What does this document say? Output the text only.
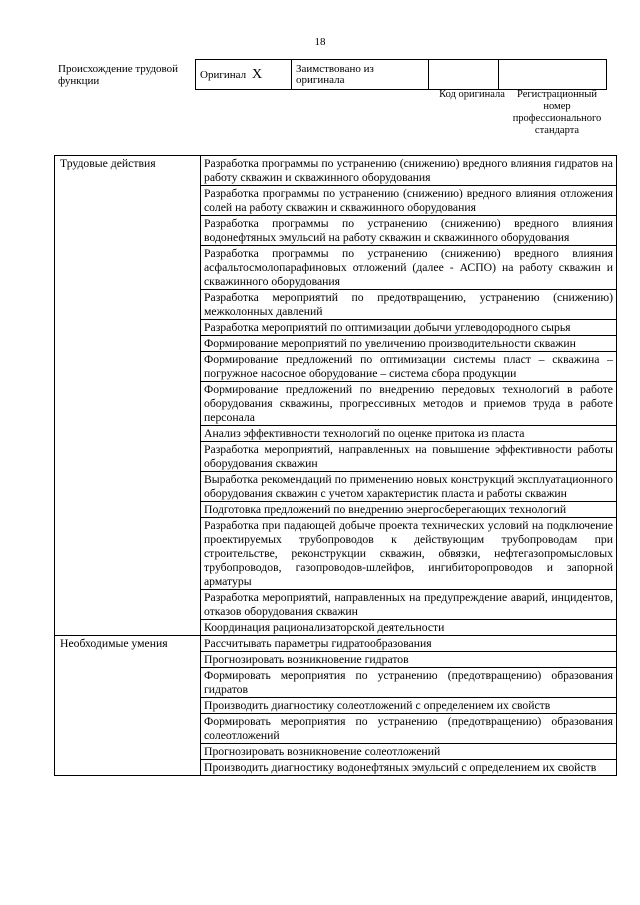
18
Происхождение трудовой функции
Оригинал X	Заимствовано из оригинала		
Код оригинала	Регистрационный номер профессионального стандарта
Трудовые действия	Разработка программы по устранению (снижению) вредного влияния гидратов на работу скважин и скважинного оборудования
	Разработка программы по устранению (снижению) вредного влияния отложения солей на работу скважин и скважинного оборудования
	Разработка программы по устранению (снижению) вредного влияния водонефтяных эмульсий на работу скважин и скважинного оборудования
	Разработка программы по устранению (снижению) вредного влияния асфальтосмолопарафиновых отложений (далее - АСПО) на работу скважин и скважинного оборудования
	Разработка мероприятий по предотвращению, устранению (снижению) межколонных давлений
	Разработка мероприятий по оптимизации добычи углеводородного сырья
	Формирование мероприятий по увеличению производительности скважин
	Формирование предложений по оптимизации системы пласт – скважина – погружное насосное оборудование – система сбора продукции
	Формирование предложений по внедрению передовых технологий в работе оборудования скважины, прогрессивных методов и приемов труда в работе персонала
	Анализ эффективности технологий по оценке притока из пласта
	Разработка мероприятий, направленных на повышение эффективности работы оборудования скважин
	Выработка рекомендаций по применению новых конструкций эксплуатационного оборудования скважин с учетом характеристик пласта и работы скважин
	Подготовка предложений по внедрению энергосберегающих технологий
	Разработка при падающей добыче проекта технических условий на подключение проектируемых трубопроводов к действующим трубопроводам при строительстве, реконструкции скважин, обвязки, нефтегазопромысловых трубопроводов, газопроводов-шлейфов, ингибиторопроводов и запорной арматуры
	Разработка мероприятий, направленных на предупреждение аварий, инцидентов, отказов оборудования скважин
	Координация рационализаторской деятельности
Необходимые умения	Рассчитывать параметры гидратообразования
	Прогнозировать возникновение гидратов
	Формировать мероприятия по устранению (предотвращению) образования гидратов
	Производить диагностику солеотложений с определением их свойств
	Формировать мероприятия по устранению (предотвращению) образования солеотложений
	Прогнозировать возникновение солеотложений
	Производить диагностику водонефтяных эмульсий с определением их свойств
